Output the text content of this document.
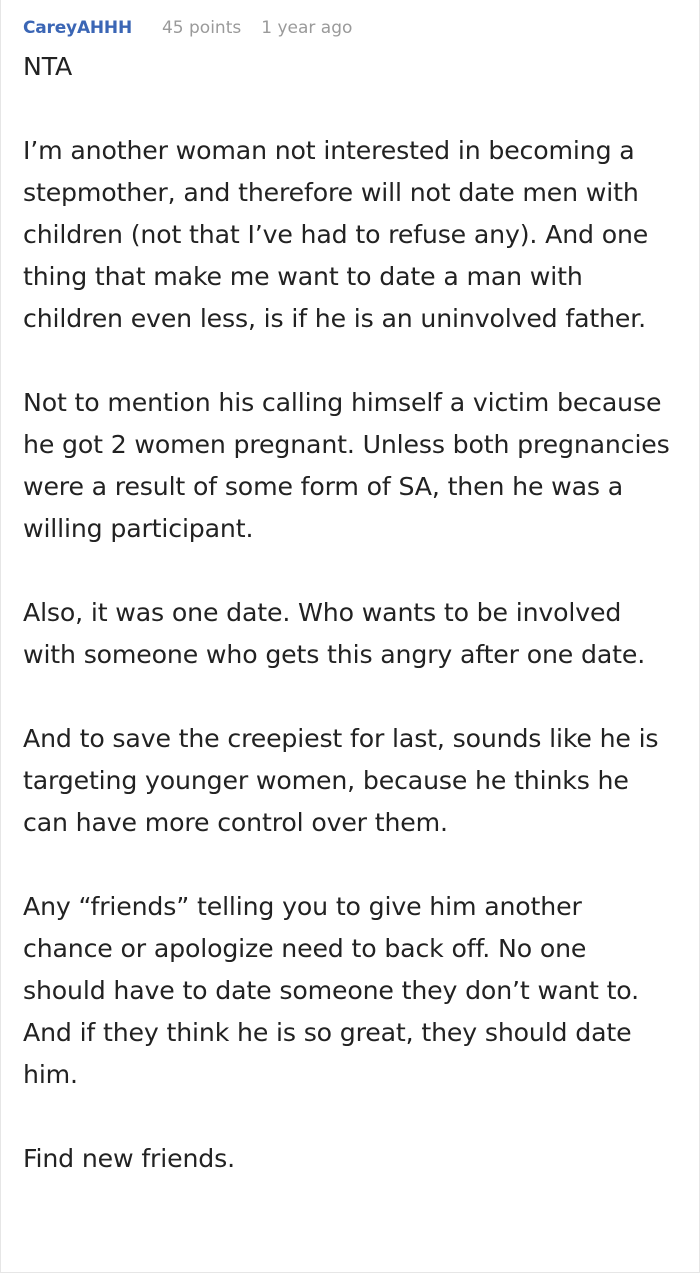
CareyAHHH 45 points 1 year ago

NTA

I’m another woman not interested in becoming a stepmother, and therefore will not date men with children (not that I’ve had to refuse any). And one thing that make me want to date a man with children even less, is if he is an uninvolved father.

Not to mention his calling himself a victim because he got 2 women pregnant. Unless both pregnancies were a result of some form of SA, then he was a willing participant.

Also, it was one date. Who wants to be involved with someone who gets this angry after one date.

And to save the creepiest for last, sounds like he is targeting younger women, because he thinks he can have more control over them.

Any “friends” telling you to give him another chance or apologize need to back off. No one should have to date someone they don’t want to. And if they think he is so great, they should date him.

Find new friends.
